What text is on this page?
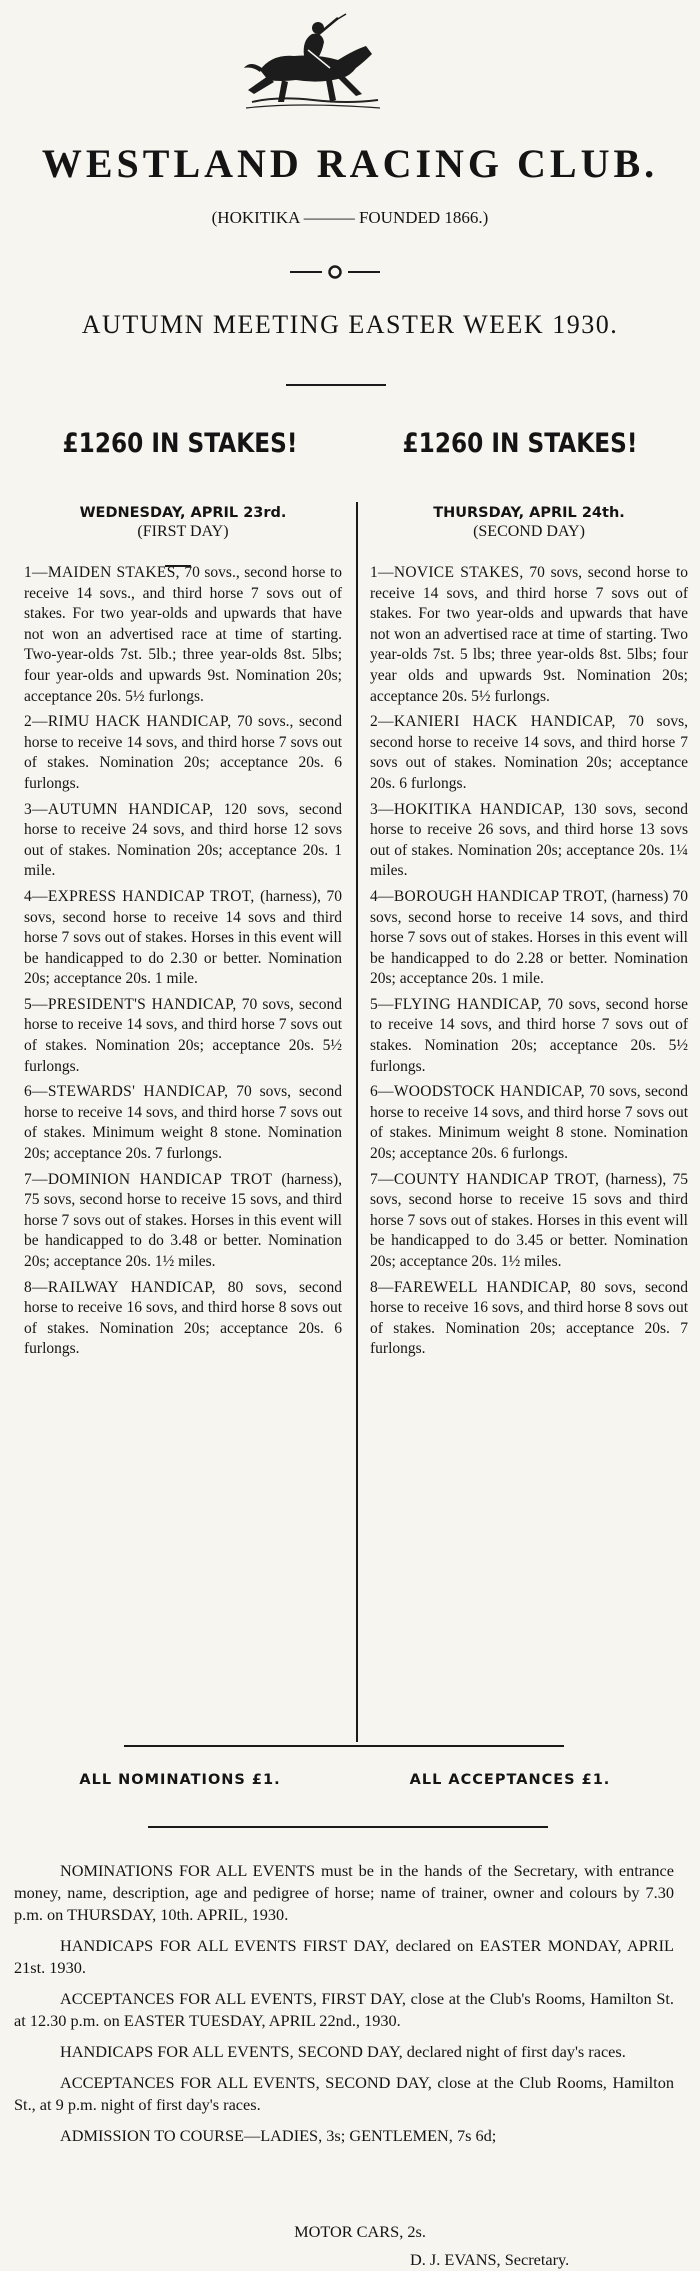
WESTLAND RACING CLUB.
(HOKITIKA ——— FOUNDED 1866.)
AUTUMN MEETING EASTER WEEK 1930.
£1260 IN STAKES!	£1260 IN STAKES!
WEDNESDAY, APRIL 23rd.
(FIRST DAY)
1—MAIDEN STAKES, 70 sovs., second horse to receive 14 sovs., and third horse 7 sovs out of stakes. For two year-olds and upwards that have not won an advertised race at time of starting. Two-year-olds 7st. 5lb.; three year-olds 8st. 5lbs; four year-olds and upwards 9st. Nomination 20s; acceptance 20s. 5½ furlongs.
2—RIMU HACK HANDICAP, 70 sovs., second horse to receive 14 sovs, and third horse 7 sovs out of stakes. Nomination 20s; acceptance 20s. 6 furlongs.
3—AUTUMN HANDICAP, 120 sovs, second horse to receive 24 sovs, and third horse 12 sovs out of stakes. Nomination 20s; acceptance 20s. 1 mile.
4—EXPRESS HANDICAP TROT, (harness), 70 sovs, second horse to receive 14 sovs and third horse 7 sovs out of stakes. Horses in this event will be handicapped to do 2.30 or better. Nomination 20s; acceptance 20s. 1 mile.
5—PRESIDENT'S HANDICAP, 70 sovs, second horse to receive 14 sovs, and third horse 7 sovs out of stakes. Nomination 20s; acceptance 20s. 5½ furlongs.
6—STEWARDS' HANDICAP, 70 sovs, second horse to receive 14 sovs, and third horse 7 sovs out of stakes. Minimum weight 8 stone. Nomination 20s; acceptance 20s. 7 furlongs.
7—DOMINION HANDICAP TROT (harness), 75 sovs, second horse to receive 15 sovs, and third horse 7 sovs out of stakes. Horses in this event will be handicapped to do 3.48 or better. Nomination 20s; acceptance 20s. 1½ miles.
8—RAILWAY HANDICAP, 80 sovs, second horse to receive 16 sovs, and third horse 8 sovs out of stakes. Nomination 20s; acceptance 20s. 6 furlongs.
THURSDAY, APRIL 24th.
(SECOND DAY)
1—NOVICE STAKES, 70 sovs, second horse to receive 14 sovs, and third horse 7 sovs out of stakes. For two year-olds and upwards that have not won an advertised race at time of starting. Two year-olds 7st. 5 lbs; three year-olds 8st. 5lbs; four year olds and upwards 9st. Nomination 20s; acceptance 20s. 5½ furlongs.
2—KANIERI HACK HANDICAP, 70 sovs, second horse to receive 14 sovs, and third horse 7 sovs out of stakes. Nomination 20s; acceptance 20s. 6 furlongs.
3—HOKITIKA HANDICAP, 130 sovs, second horse to receive 26 sovs, and third horse 13 sovs out of stakes. Nomination 20s; acceptance 20s. 1¼ miles.
4—BOROUGH HANDICAP TROT, (harness) 70 sovs, second horse to receive 14 sovs, and third horse 7 sovs out of stakes. Horses in this event will be handicapped to do 2.28 or better. Nomination 20s; acceptance 20s. 1 mile.
5—FLYING HANDICAP, 70 sovs, second horse to receive 14 sovs, and third horse 7 sovs out of stakes. Nomination 20s; acceptance 20s. 5½ furlongs.
6—WOODSTOCK HANDICAP, 70 sovs, second horse to receive 14 sovs, and third horse 7 sovs out of stakes. Minimum weight 8 stone. Nomination 20s; acceptance 20s. 6 furlongs.
7—COUNTY HANDICAP TROT, (harness), 75 sovs, second horse to receive 15 sovs and third horse 7 sovs out of stakes. Horses in this event will be handicapped to do 3.45 or better. Nomination 20s; acceptance 20s. 1½ miles.
8—FAREWELL HANDICAP, 80 sovs, second horse to receive 16 sovs, and third horse 8 sovs out of stakes. Nomination 20s; acceptance 20s. 7 furlongs.
ALL NOMINATIONS £1.	ALL ACCEPTANCES £1.

NOMINATIONS FOR ALL EVENTS must be in the hands of the Secretary, with entrance money, name, description, age and pedigree of horse; name of trainer, owner and colours by 7.30 p.m. on THURSDAY, 10th. APRIL, 1930.

HANDICAPS FOR ALL EVENTS FIRST DAY, declared on EASTER MONDAY, APRIL 21st. 1930.

ACCEPTANCES FOR ALL EVENTS, FIRST DAY, close at the Club's Rooms, Hamilton St. at 12.30 p.m. on EASTER TUESDAY, APRIL 22nd., 1930.

HANDICAPS FOR ALL EVENTS, SECOND DAY, declared night of first day's races.

ACCEPTANCES FOR ALL EVENTS, SECOND DAY, close at the Club Rooms, Hamilton St., at 9 p.m. night of first day's races.

ADMISSION TO COURSE—LADIES, 3s; GENTLEMEN, 7s 6d;

MOTOR CARS, 2s.
D. J. EVANS, Secretary.
